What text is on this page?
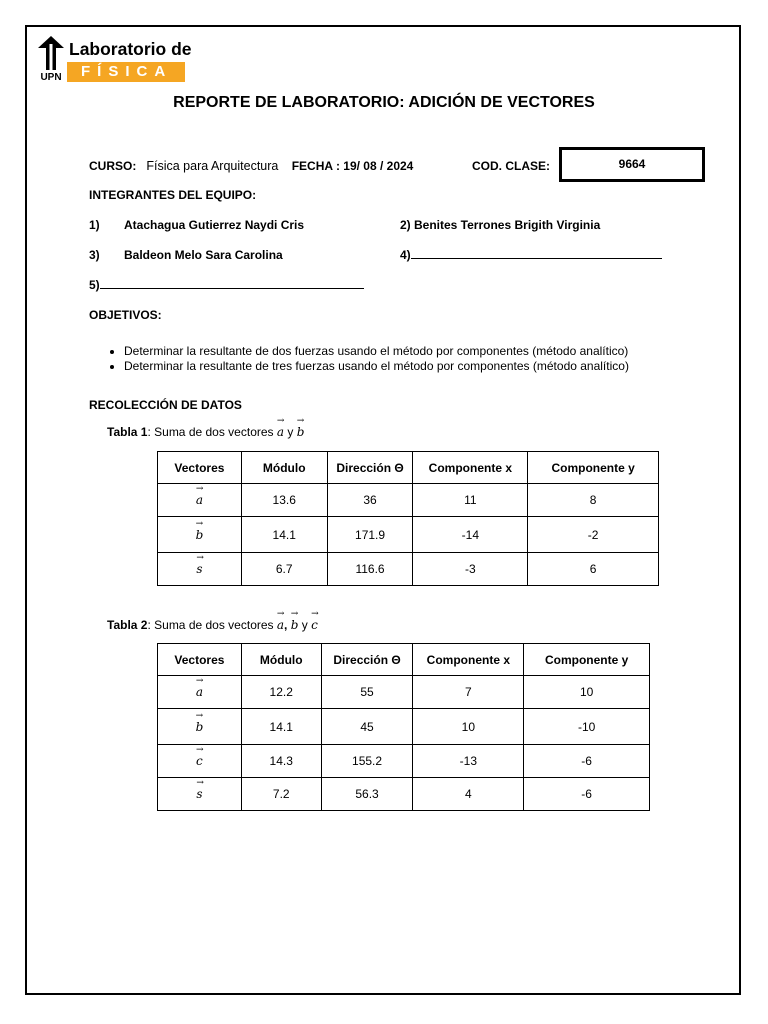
UPN
Laboratorio de
FÍSICA
REPORTE DE LABORATORIO: ADICIÓN DE VECTORES
CURSO: Física para Arquitectura FECHA : 19/ 08 / 2024	COD. CLASE:	9664
INTEGRANTES DEL EQUIPO:
1) Atachagua Gutierrez Naydi Cris	2) Benites Terrones Brigith Virginia
3) Baldeon Melo Sara Carolina	4)
5)
OBJETIVOS:
• Determinar la resultante de dos fuerzas usando el método por componentes (método analítico)
• Determinar la resultante de tres fuerzas usando el método por componentes (método analítico)
RECOLECCIÓN DE DATOS
Tabla 1: Suma de dos vectores a
→
y b
→
Vectores	Módulo	Dirección Θ	Componente x	Componente y
a
→	13.6	36	11	8
b
→	14.1	171.9	-14	-2
s
→	6.7	116.6	-3	6
Tabla 2: Suma de dos vectores a
→
, b
→
y c
→
Vectores	Módulo	Dirección Θ	Componente x	Componente y
a
→	12.2	55	7	10
b
→	14.1	45	10	-10
c
→	14.3	155.2	-13	-6
s
→	7.2	56.3	4	-6
